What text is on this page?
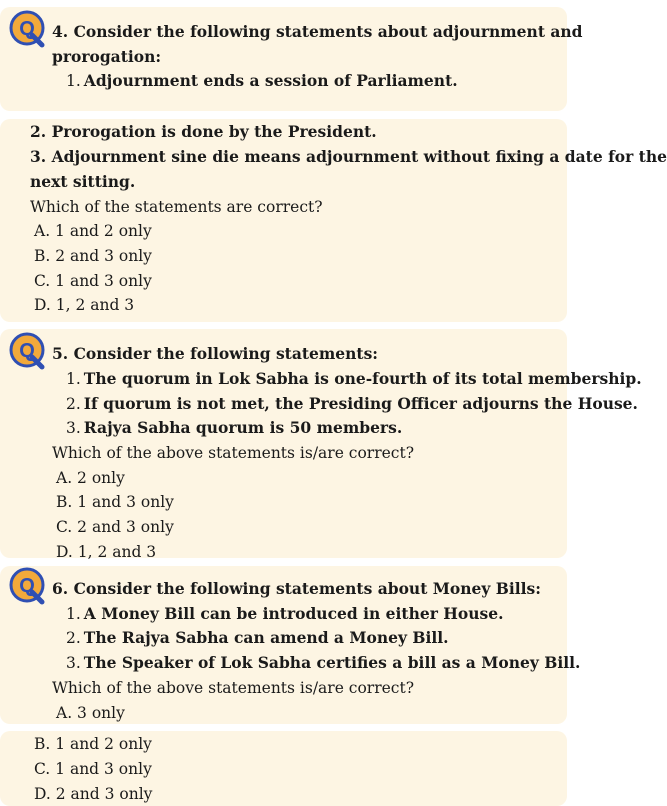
Q
Q
Q
4. Consider the following statements about adjournment and
prorogation:
1. Adjournment ends a session of Parliament.
2. Prorogation is done by the President.
3. Adjournment sine die means adjournment without fixing a date for the
next sitting.
Which of the statements are correct?
A. 1 and 2 only
B. 2 and 3 only
C. 1 and 3 only
D. 1, 2 and 3
5. Consider the following statements:
1. The quorum in Lok Sabha is one-fourth of its total membership.
2. If quorum is not met, the Presiding Officer adjourns the House.
3. Rajya Sabha quorum is 50 members.
Which of the above statements is/are correct?
A. 2 only
B. 1 and 3 only
C. 2 and 3 only
D. 1, 2 and 3
6. Consider the following statements about Money Bills:
1. A Money Bill can be introduced in either House.
2. The Rajya Sabha can amend a Money Bill.
3. The Speaker of Lok Sabha certifies a bill as a Money Bill.
Which of the above statements is/are correct?
A. 3 only
B. 1 and 2 only
C. 1 and 3 only
D. 2 and 3 only
